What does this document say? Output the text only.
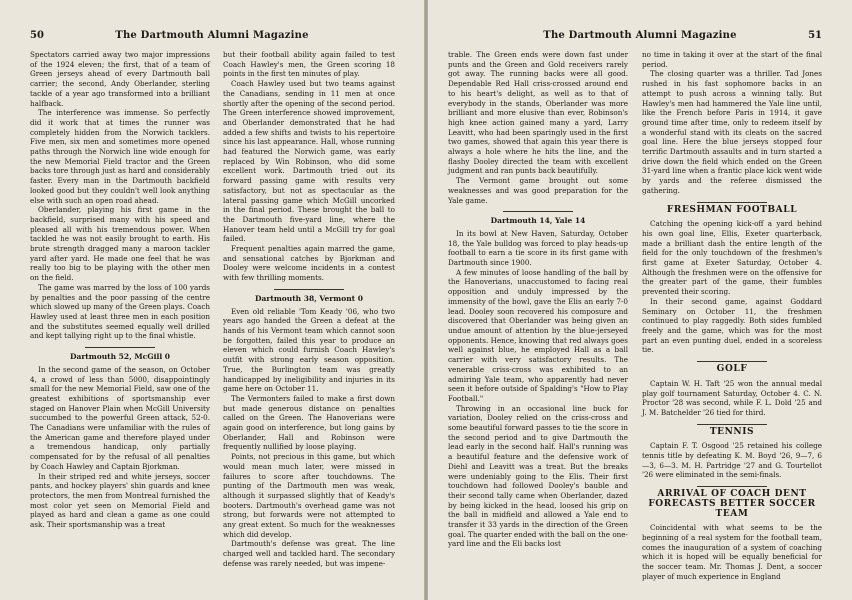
50	The Dartmouth Alumni Magazine

Spectators carried away two major impressions of the 1924 eleven; the first, that of a team of Green jerseys ahead of every Dartmouth ball carrier; the second, Andy Oberlander, sterling tackle of a year ago transformed into a brilliant halfback.

The interference was immense. So perfectly did it work that at times the runner was completely hidden from the Norwich tacklers. Five men, six men and sometimes more opened paths through the Norwich line wide enough for the new Memorial Field tractor and the Green backs tore through just as hard and considerably faster. Every man in the Dartmouth backfield looked good but they couldn't well look anything else with such an open road ahead.

Oberlander, playing his first game in the backfield, surprised many with his speed and pleased all with his tremendous power. When tackled he was not easily brought to earth. His brute strength dragged many a maroon tackler yard after yard. He made one feel that he was really too big to be playing with the other men on the field.

The game was marred by the loss of 100 yards by penalties and the poor passing of the centre which slowed up many of the Green plays. Coach Hawley used at least three men in each position and the substitutes seemed equally well drilled and kept tallying right up to the final whistle.

Dartmouth 52, McGill 0

In the second game of the season, on October 4, a crowd of less than 5000, disappointingly small for the new Memorial Field, saw one of the greatest exhibitions of sportsmanship ever staged on Hanover Plain when McGill University succumbed to the powerful Green attack, 52-0. The Canadians were unfamiliar with the rules of the American game and therefore played under a tremendous handicap, only partially compensated for by the refusal of all penalties by Coach Hawley and Captain Bjorkman.

In their striped red and white jerseys, soccer pants, and hockey players' shin guards and knee protectors, the men from Montreal furnished the most color yet seen on Memorial Field and played as hard and clean a game as one could ask. Their sportsmanship was a treat

but their football ability again failed to test Coach Hawley's men, the Green scoring 18 points in the first ten minutes of play.

Coach Hawley used but two teams against the Canadians, sending in 11 men at once shortly after the opening of the second period. The Green interference showed improvement, and Oberlander demonstrated that he had added a few shifts and twists to his repertoire since his last appearance. Hall, whose running had featured the Norwich game, was early replaced by Win Robinson, who did some excellent work. Dartmouth tried out its forward passing game with results very satisfactory, but not as spectacular as the lateral passing game which McGill uncorked in the final period. These brought the ball to the Dartmouth five-yard line, where the Hanover team held until a McGill try for goal failed.

Frequent penalties again marred the game, and sensational catches by Bjorkman and Dooley were welcome incidents in a contest with few thrilling moments.

Dartmouth 38, Vermont 0

Even old reliable 'Tom Keady '06, who two years ago handed the Green a defeat at the hands of his Vermont team which cannot soon be forgotten, failed this year to produce an eleven which could furnish Coach Hawley's outfit with strong early season opposition. True, the Burlington team was greatly handicapped by ineligibility and injuries in its game here on October 11.

The Vermonters failed to make a first down but made generous distance on penalties called on the Green. The Hanoverians were again good on interference, but long gains by Oberlander, Hall and Robinson were frequently nullified by loose playing.

Points, not precious in this game, but which would mean much later, were missed in failures to score after touchdowns. The punting of the Dartmouth men was weak, although it surpassed slightly that of Keady's booters. Dartmouth's overhead game was not strong, but forwards were not attempted to any great extent. So much for the weaknesses which did develop.

Dartmouth's defense was great. The line charged well and tackled hard. The secondary defense was rarely needed, but was impene-

The Dartmouth Alumni Magazine	51

trable. The Green ends were down fast under punts and the Green and Gold receivers rarely got away. The running backs were all good. Dependable Red Hall criss-crossed around end to his heart's delight, as well as to that of everybody in the stands, Oberlander was more brilliant and more elusive than ever, Robinson's high knee action gained many a yard, Larry Leavitt, who had been sparingly used in the first two games, showed that again this year there is always a hole where he hits the line, and the flashy Dooley directed the team with excellent judgment and ran punts back beautifully.

The Vermont game brought out some weaknesses and was good preparation for the Yale game.

Dartmouth 14, Yale 14

In its bowl at New Haven, Saturday, October 18, the Yale bulldog was forced to play heads-up football to earn a tie score in its first game with Dartmouth since 1900.

A few minutes of loose handling of the ball by the Hanoverians, unaccustomed to facing real opposition and unduly impressed by the immensity of the bowl, gave the Elis an early 7-0 lead. Dooley soon recovered his composure and discovered that Oberlander was being given an undue amount of attention by the blue-jerseyed opponents. Hence, knowing that red always goes well against blue, he employed Hall as a ball carrier with very satisfactory results. The venerable criss-cross was exhibited to an admiring Yale team, who apparently had never seen it before outside of Spalding's "How to Play Football."

Throwing in an occasional line buck for variation, Dooley relied on the criss-cross and some beautiful forward passes to tie the score in the second period and to give Dartmouth the lead early in the second half. Hall's running was a beautiful feature and the defensive work of Diehl and Leavitt was a treat. But the breaks were undeniably going to the Elis. Their first touchdown had followed Dooley's bauble and their second tally came when Oberlander, dazed by being kicked in the head, loosed his grip on the ball in midfield and allowed a Yale end to transfer it 33 yards in the direction of the Green goal. The quarter ended with the ball on the one-yard line and the Eli backs lost

no time in taking it over at the start of the final period.

The closing quarter was a thriller. Tad Jones rushed in his fast sophomore backs in an attempt to push across a winning tally. But Hawley's men had hammered the Yale line until, like the French before Paris in 1914, it gave ground time after time, only to redeem itself by a wonderful stand with its cleats on the sacred goal line. Here the blue jerseys stopped four terrific Dartmouth assaults and in turn started a drive down the field which ended on the Green 31-yard line when a frantic place kick went wide by yards and the referee dismissed the gathering.

FRESHMAN FOOTBALL

Catching the opening kick-off a yard behind his own goal line, Ellis, Exeter quarterback, made a brilliant dash the entire length of the field for the only touchdown of the freshmen's first game at Exeter Saturday, October 4. Although the freshmen were on the offensive for the greater part of the game, their fumbles prevented their scoring.

In their second game, against Goddard Seminary on October 11, the freshmen continued to play raggedly. Both sides fumbled freely and the game, which was for the most part an even punting duel, ended in a scoreless tie.

GOLF

Captain W. H. Taft '25 won the annual medal play golf tournament Saturday, October 4. C. N. Proctor '28 was second, while F. L. Dold '25 and J. M. Batchelder '26 tied for third.

TENNIS

Captain F. T. Osgood '25 retained his college tennis title by defeating K. M. Boyd '26, 9—7, 6—3, 6—3. M. H. Partridge '27 and G. Tourtellot '26 were eliminated in the semi-finals.

ARRIVAL OF COACH DENT FORECASTS BETTER SOCCER TEAM

Coincidental with what seems to be the beginning of a real system for the football team, comes the inauguration of a system of coaching which it is hoped will be equally beneficial for the soccer team. Mr. Thomas J. Dent, a soccer player of much experience in England
